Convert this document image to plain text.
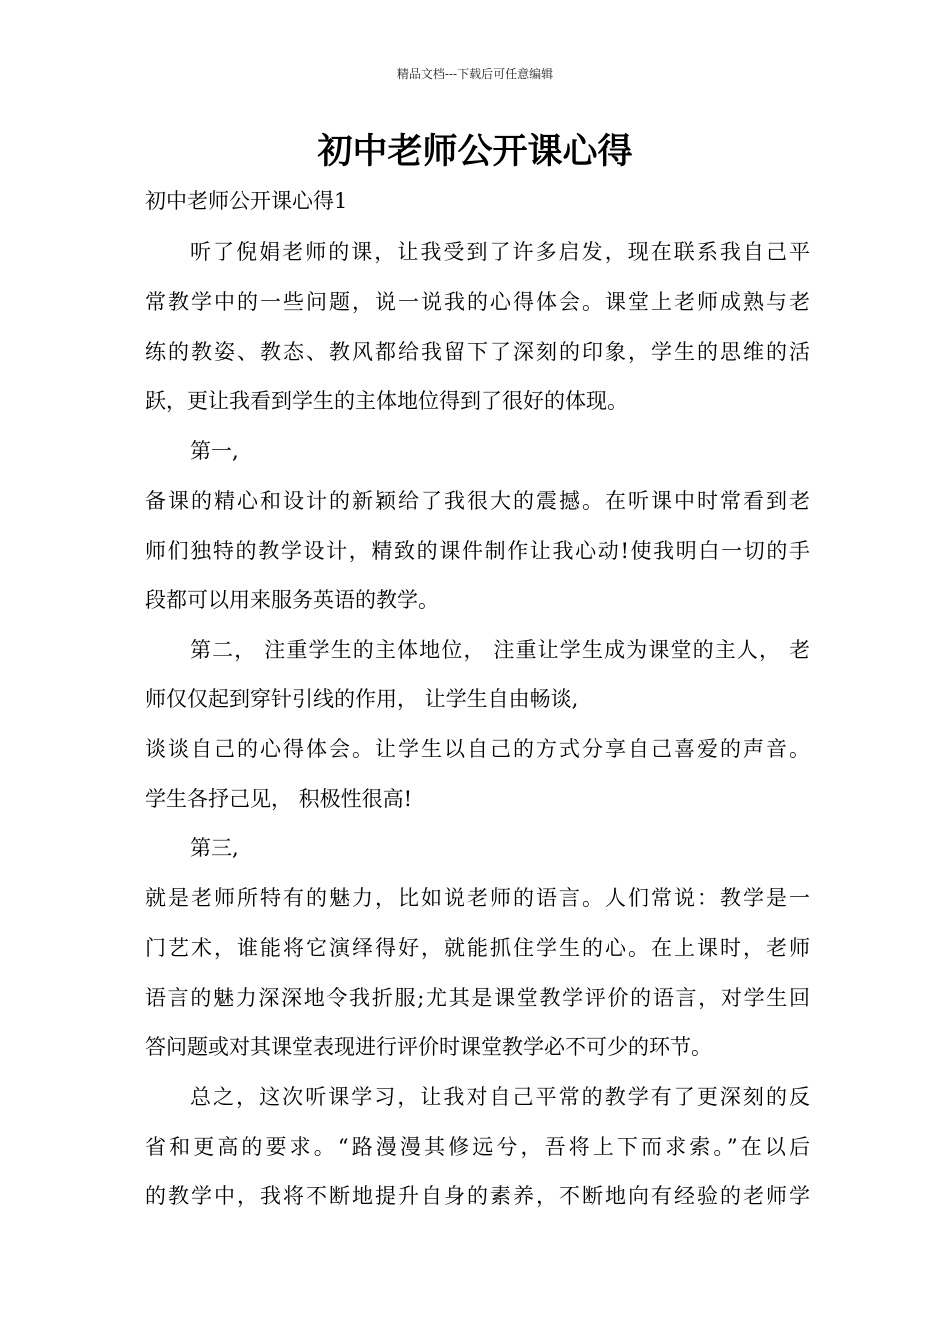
精品文档---下载后可任意编辑
初中老师公开课心得

初中老师公开课心得1

听了倪娟老师的课，让我受到了许多启发，现在联系我自己平

常教学中的一些问题，说一说我的心得体会。课堂上老师成熟与老

练的教姿、教态、教风都给我留下了深刻的印象，学生的思维的活

跃，更让我看到学生的主体地位得到了很好的体现。

第一,

备课的精心和设计的新颖给了我很大的震撼。在听课中时常看到老

师们独特的教学设计，精致的课件制作让我心动!使我明白一切的手

段都可以用来服务英语的教学。

第二， 注重学生的主体地位， 注重让学生成为课堂的主人， 老

师仅仅起到穿针引线的作用， 让学生自由畅谈,

谈谈自己的心得体会。让学生以自己的方式分享自己喜爱的声音。

学生各抒己见， 积极性很高!

第三,

就是老师所特有的魅力，比如说老师的语言。人们常说：教学是一

门艺术，谁能将它演绎得好，就能抓住学生的心。在上课时，老师

语言的魅力深深地令我折服;尤其是课堂教学评价的语言，对学生回

答问题或对其课堂表现进行评价时课堂教学必不可少的环节。

总之，这次听课学习，让我对自己平常的教学有了更深刻的反

省和更高的要求。“路漫漫其修远兮，吾将上下而求索。”在以后

的教学中，我将不断地提升自身的素养，不断地向有经验的老师学
